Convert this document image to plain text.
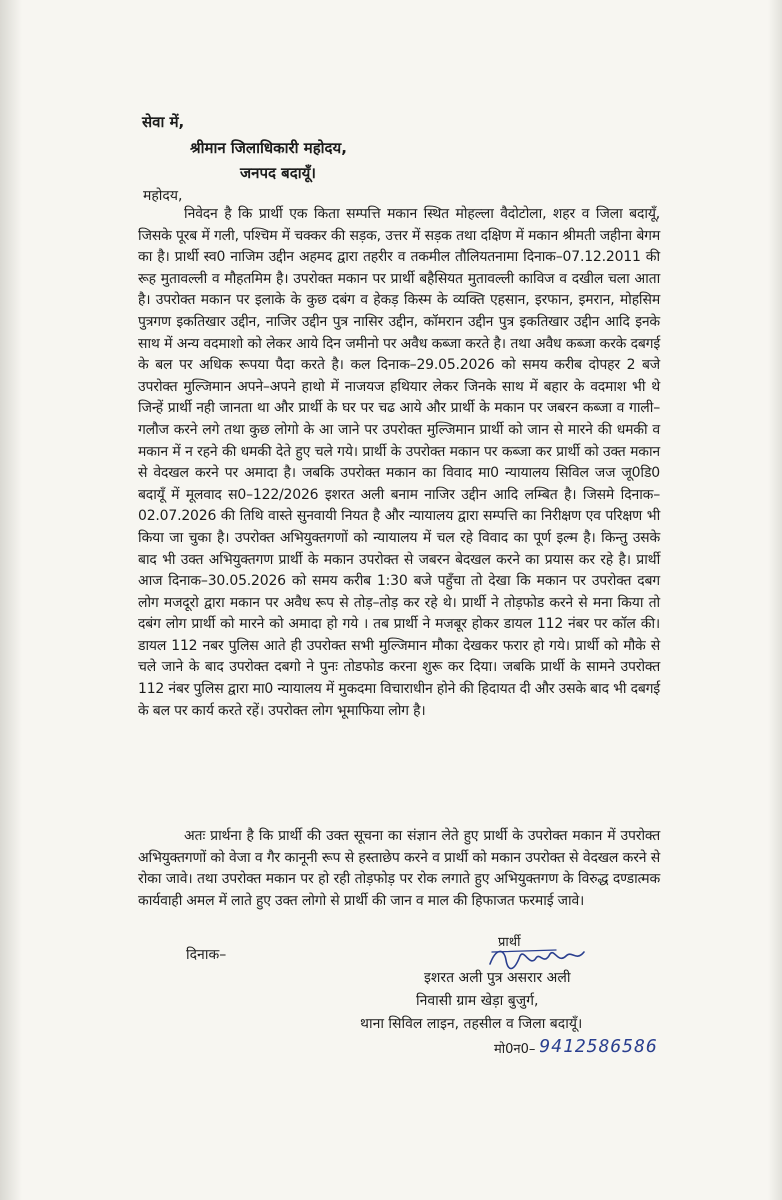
सेवा में,
श्रीमान जिलाधिकारी महोदय,
जनपद बदायूँ।
महोदय,

निवेदन है कि प्रार्थी एक किता सम्पत्ति मकान स्थित मोहल्ला वैदोटोला, शहर व जिला बदायूँ, जिसके पूरब में गली, पश्चिम में चक्कर की सड़क, उत्तर में सड़क तथा दक्षिण में मकान श्रीमती जहीना बेगम का है। प्रार्थी स्व0 नाजिम उद्दीन अहमद द्वारा तहरीर व तकमील तौलियतनामा दिनाक–07.12.2011 की रूह मुतावल्ली व मौहतमिम है। उपरोक्त मकान पर प्रार्थी बहैसियत मुतावल्ली काविज व दखील चला आता है। उपरोक्त मकान पर इलाके के कुछ दबंग व हेकड़ किस्म के व्यक्ति एहसान, इरफान, इमरान, मोहसिम पुत्रगण इकतिखार उद्दीन, नाजिर उद्दीन पुत्र नासिर उद्दीन, कॉमरान उद्दीन पुत्र इकतिखार उद्दीन आदि इनके साथ में अन्य वदमाशो को लेकर आये दिन जमीनो पर अवैध कब्जा करते है। तथा अवैध कब्जा करके दबगई के बल पर अधिक रूपया पैदा करते है। कल दिनाक–29.05.2026 को समय करीब दोपहर 2 बजे उपरोक्त मुल्जिमान अपने–अपने हाथो में नाजयज हथियार लेकर जिनके साथ में बहार के वदमाश भी थे जिन्हें प्रार्थी नही जानता था और प्रार्थी के घर पर चढ आये और प्रार्थी के मकान पर जबरन कब्जा व गाली–गलौज करने लगे तथा कुछ लोगो के आ जाने पर उपरोक्त मुल्जिमान प्रार्थी को जान से मारने की धमकी व मकान में न रहने की धमकी देते हुए चले गये। प्रार्थी के उपरोक्त मकान पर कब्जा कर प्रार्थी को उक्त मकान से वेदखल करने पर अमादा है। जबकि उपरोक्त मकान का विवाद मा0 न्यायालय सिविल जज जू0डि0 बदायूँ में मूलवाद स0–122/2026 इशरत अली बनाम नाजिर उद्दीन आदि लम्बित है। जिसमे दिनाक–02.07.2026 की तिथि वास्ते सुनवायी नियत है और न्यायालय द्वारा सम्पत्ति का निरीक्षण एव परिक्षण भी किया जा चुका है। उपरोक्त अभियुक्तगणों को न्यायालय में चल रहे विवाद का पूर्ण इल्म है। किन्तु उसके बाद भी उक्त अभियुक्तगण प्रार्थी के मकान उपरोक्त से जबरन बेदखल करने का प्रयास कर रहे है। प्रार्थी आज दिनाक–30.05.2026 को समय करीब 1:30 बजे पहुँचा तो देखा कि मकान पर उपरोक्त दबग लोग मजदूरो द्वारा मकान पर अवैध रूप से तोड़–तोड़ कर रहे थे। प्रार्थी ने तोड़फोड करने से मना किया तो दबंग लोग प्रार्थी को मारने को अमादा हो गये । तब प्रार्थी ने मजबूर होकर डायल 112 नंबर पर कॉल की। डायल 112 नबर पुलिस आते ही उपरोक्त सभी मुल्जिमान मौका देखकर फरार हो गये। प्रार्थी को मौके से चले जाने के बाद उपरोक्त दबगो ने पुनः तोडफोड करना शुरू कर दिया। जबकि प्रार्थी के सामने उपरोक्त 112 नंबर पुलिस द्वारा मा0 न्यायालय में मुकदमा विचाराधीन होने की हिदायत दी और उसके बाद भी दबगई के बल पर कार्य करते रहें। उपरोक्त लोग भूमाफिया लोग है।

अतः प्रार्थना है कि प्रार्थी की उक्त सूचना का संज्ञान लेते हुए प्रार्थी के उपरोक्त मकान में उपरोक्त अभियुक्तगणों को वेजा व गैर कानूनी रूप से हस्ताछेप करने व प्रार्थी को मकान उपरोक्त से वेदखल करने से रोका जावे। तथा उपरोक्त मकान पर हो रही तोड़फोड़ पर रोक लगाते हुए अभियुक्तगण के विरुद्ध दण्डात्मक कार्यवाही अमल में लाते हुए उक्त लोगो से प्रार्थी की जान व माल की हिफाजत फरमाई जावे।

दिनाक–
प्रार्थी
इशरत अली पुत्र असरार अली
निवासी ग्राम खेड़ा बुजुर्ग,
थाना सिविल लाइन, तहसील व जिला बदायूँ।
मो0न0– 9412586586
